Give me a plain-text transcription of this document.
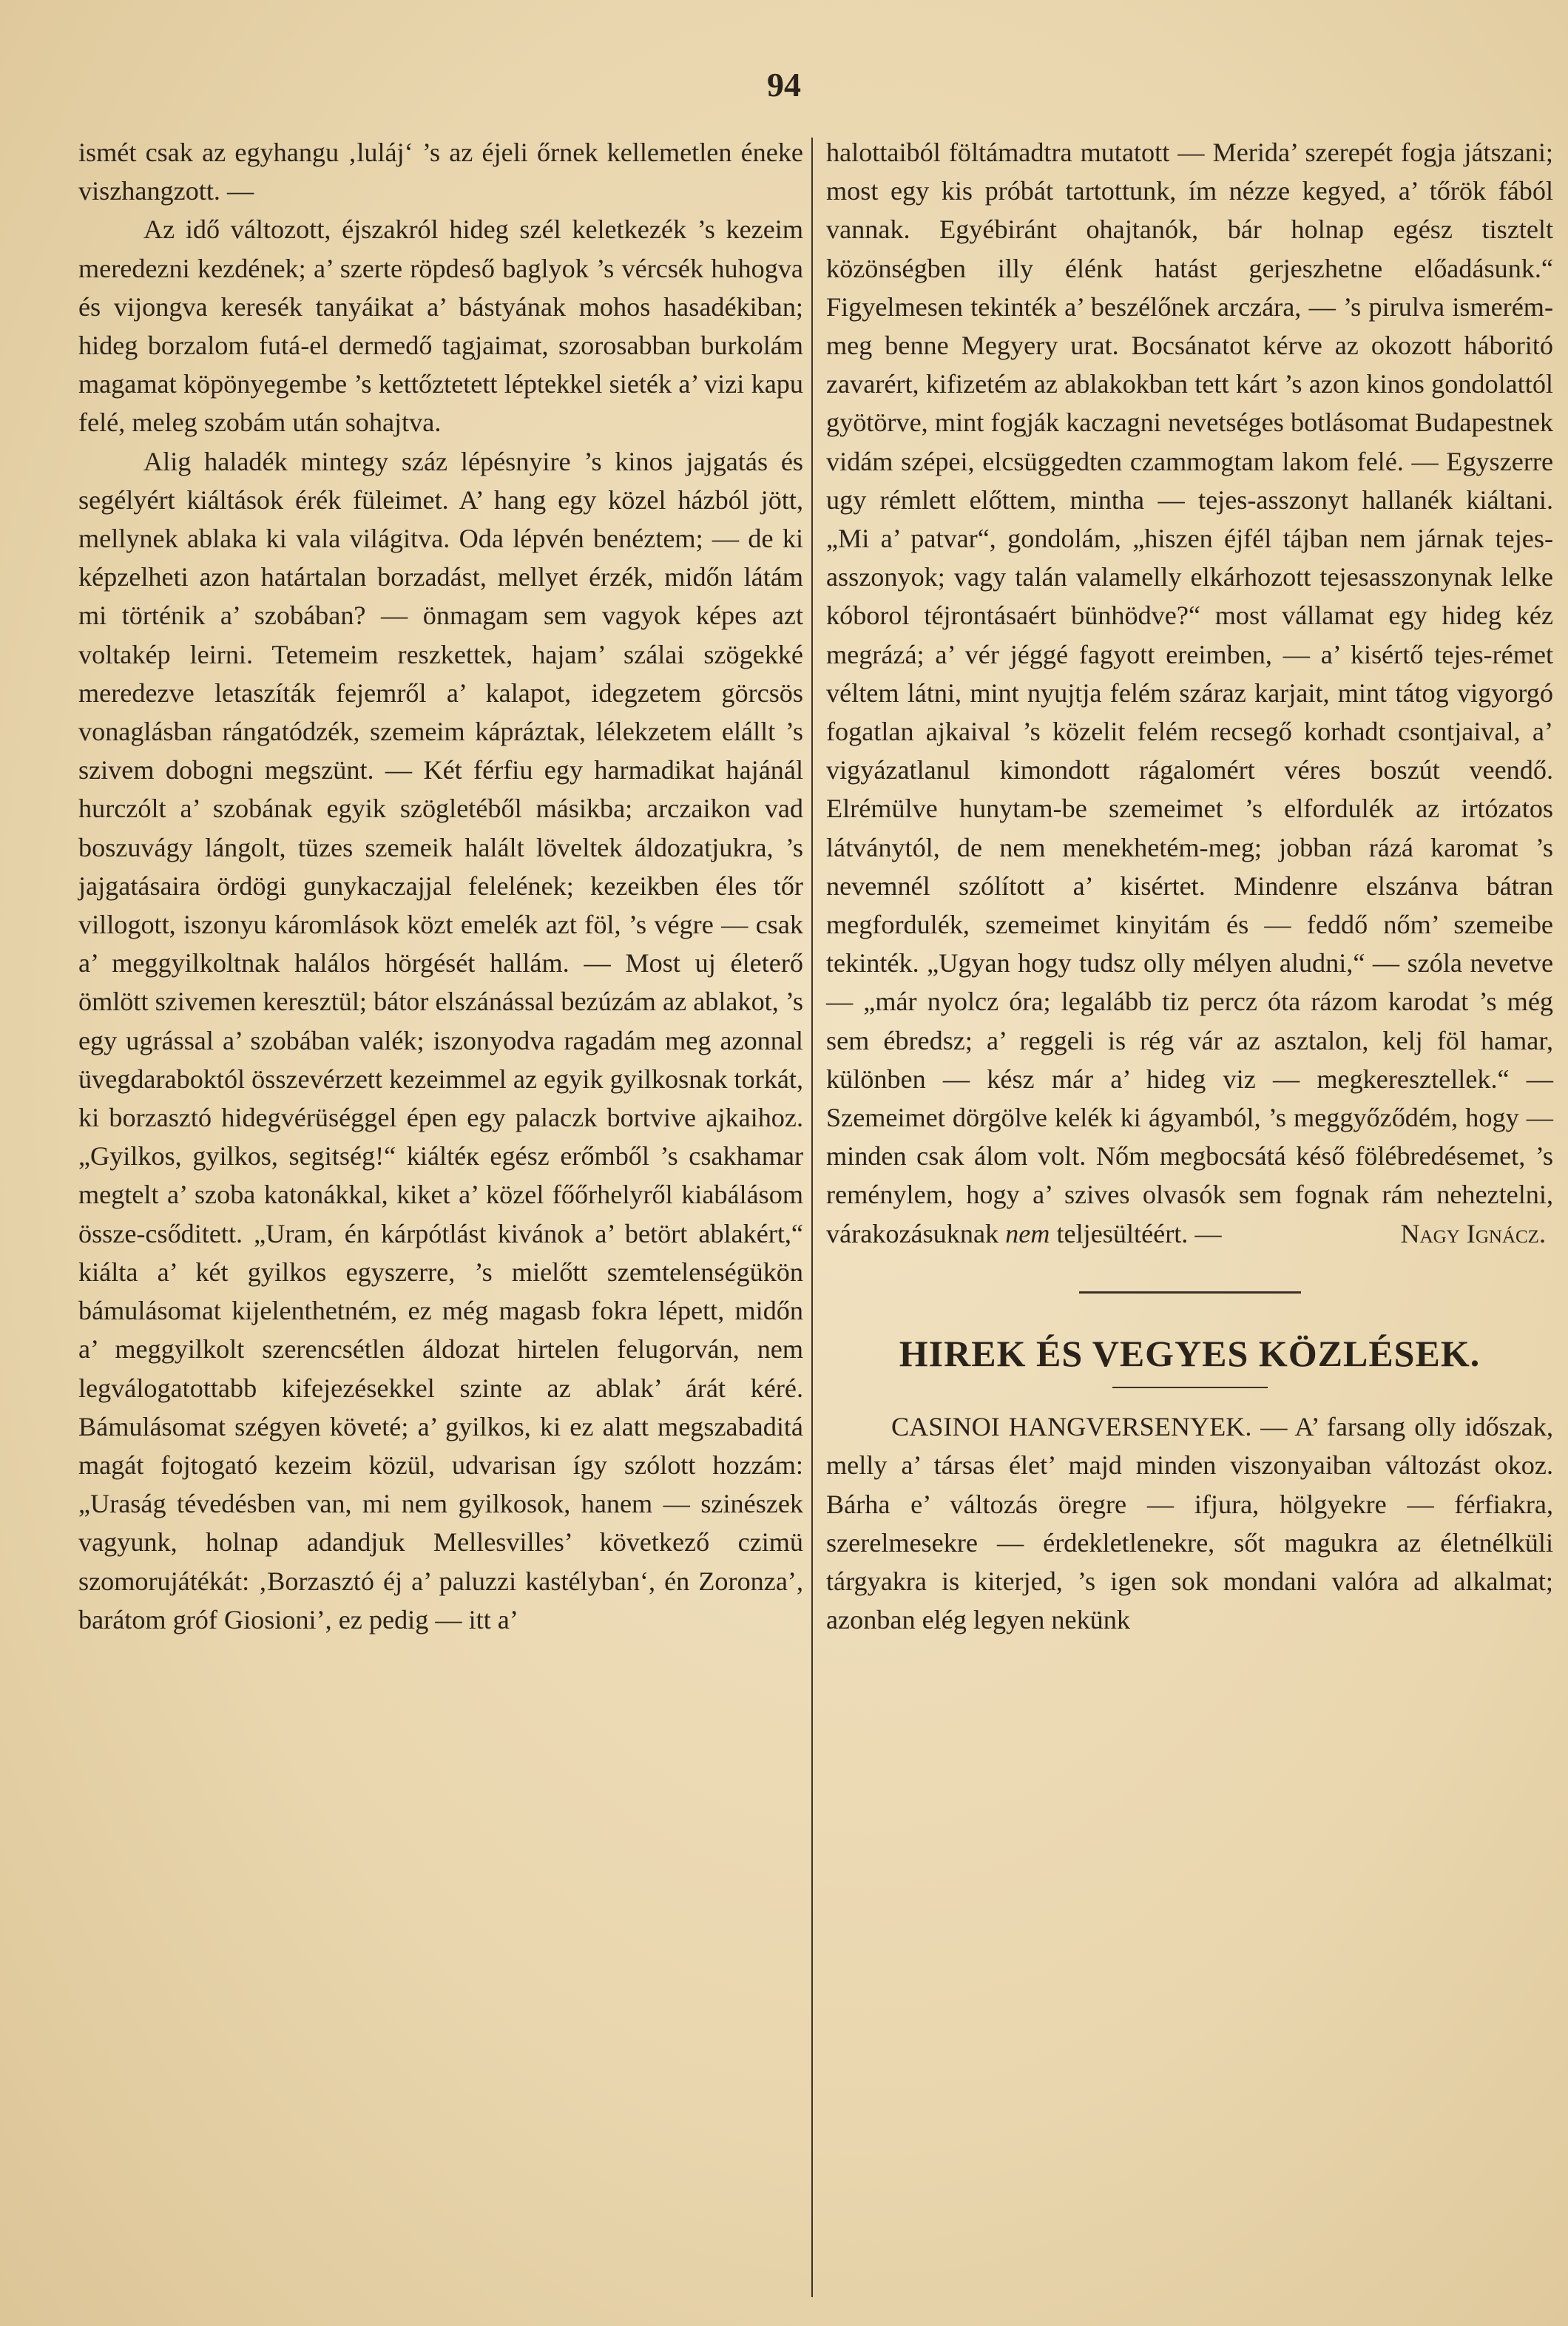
94

ismét csak az egyhangu ‚luláj‘ ’s az éjeli őrnek kellemetlen éneke viszhangzott. —

Az idő változott, éjszakról hideg szél keletkezék ’s kezeim meredezni kezdének; a’ szerte röpdeső baglyok ’s vércsék huhogva és vijongva keresék tanyáikat a’ bástyának mohos hasadékiban; hideg borzalom futá-el dermedő tagjaimat, szorosabban burkolám magamat köpönyegembe ’s kettőztetett léptekkel sieték a’ vizi kapu felé, meleg szobám után sohajtva.

Alig haladék mintegy száz lépésnyire ’s kinos jajgatás és segélyért kiáltások érék füleimet. A’ hang egy közel házból jött, mellynek ablaka ki vala világitva. Oda lépvén benéztem; — de ki képzelheti azon határtalan borzadást, mellyet érzék, midőn látám mi történik a’ szobában? — önmagam sem vagyok képes azt voltakép leirni. Tetemeim reszkettek, hajam’ szálai szögekké meredezve letaszíták fejemről a’ kalapot, idegzetem görcsös vonaglásban rángatódzék, szemeim kápráztak, lélekzetem elállt ’s szivem dobogni megszünt. — Két férfiu egy harmadikat hajánál hurczólt a’ szobának egyik szögletéből másikba; arczaikon vad boszuvágy lángolt, tüzes szemeik halált löveltek áldozatjukra, ’s jajgatásaira ördögi gunykaczajjal felelének; kezeikben éles tőr villogott, iszonyu káromlások közt emelék azt föl, ’s végre — csak a’ meggyilkoltnak halálos hörgését hallám. — Most uj életerő ömlött szivemen keresztül; bátor elszánással bezúzám az ablakot, ’s egy ugrással a’ szobában valék; iszonyodva ragadám meg azonnal üvegdaraboktól összevérzett kezeimmel az egyik gyilkosnak torkát, ki borzasztó hidegvérüséggel épen egy palaczk bortvive ajkaihoz. „Gyilkos, gyilkos, segitség!“ kiáltéк egész erőmből ’s csakhamar megtelt a’ szoba katonákkal, kiket a’ közel főőrhelyről kiabálásom össze-csőditett. „Uram, én kárpótlást kivánok a’ betört ablakért,“ kiálta a’ két gyilkos egyszerre, ’s mielőtt szemtelenségükön bámulásomat kijelenthetném, ez még magasb fokra lépett, midőn a’ meggyilkolt szerencsétlen áldozat hirtelen felugorván, nem legválogatottabb kifejezésekkel szinte az ablak’ árát kéré. Bámulásomat szégyen követé; a’ gyilkos, ki ez alatt megszabaditá magát fojtogató kezeim közül, udvarisan így szólott hozzám: „Uraság tévedésben van, mi nem gyilkosok, hanem — szinészek vagyunk, holnap adandjuk Mellesvilles’ következő czimü szomorujátékát: ‚Borzasztó éj a’ paluzzi kastélyban‘, én Zoronza’, barátom gróf Giosioni’, ez pedig — itt a’

halottaiból föltámadtra mutatott — Merida’ szerepét fogja játszani; most egy kis próbát tartottunk, ím nézze kegyed, a’ tőrök fából vannak. Egyébiránt ohajtanók, bár holnap egész tisztelt közönségben illy élénk hatást gerjeszhetne előadásunk.“ Figyelmesen tekinték a’ beszélőnek arczára, — ’s pirulva ismerém-meg benne Megyery urat. Bocsánatot kérve az okozott háboritó zavarért, kifizetém az ablakokban tett kárt ’s azon kinos gondolattól gyötörve, mint fogják kaczagni nevetséges botlásomat Budapestnek vidám szépei, elcsüggedten czammogtam lakom felé. — Egyszerre ugy rémlett előttem, mintha — tejes-asszonyt hallanék kiáltani. „Mi a’ patvar“, gondolám, „hiszen éjfél tájban nem járnak tejes-asszonyok; vagy talán valamelly elkárhozott tejesasszonynak lelke kóborol téjrontásaért bünhödve?“ most vállamat egy hideg kéz megrázá; a’ vér jéggé fagyott ereimben, — a’ kisértő tejes-rémet véltem látni, mint nyujtja felém száraz karjait, mint tátog vigyorgó fogatlan ajkaival ’s közelit felém recsegő korhadt csontjaival, a’ vigyázatlanul kimondott rágalomért véres boszút veendő. Elrémülve hunytam-be szemeimet ’s elfordulék az irtózatos látványtól, de nem menekhetém-meg; jobban rázá karomat ’s nevemnél szólított a’ kisértet. Mindenre elszánva bátran megfordulék, szemeimet kinyitám és — feddő nőm’ szemeibe tekinték. „Ugyan hogy tudsz olly mélyen aludni,“ — szóla nevetve — „már nyolcz óra; legalább tiz percz óta rázom karodat ’s még sem ébredsz; a’ reggeli is rég vár az asztalon, kelj föl hamar, különben — kész már a’ hideg viz — megkeresztellek.“ — Szemeimet dörgölve kelék ki ágyamból, ’s meggyőződém, hogy — minden csak álom volt. Nőm megbocsátá késő fölébredésemet, ’s reménylem, hogy a’ szives olvasók sem fognak rám neheztelni, várakozásuknak nem teljesültéért. —	Nagy Ignácz.
HIREK ÉS VEGYES KÖZLÉSEK.

CASINOI HANGVERSENYEK. — A’ farsang olly időszak, melly a’ társas élet’ majd minden viszonyaiban változást okoz. Bárha e’ változás öregre — ifjura, hölgyekre — férfiakra, szerelmesekre — érdekletlenekre, sőt magukra az életnélküli tárgyakra is kiterjed, ’s igen sok mondani valóra ad alkalmat; azonban elég legyen nekünk
